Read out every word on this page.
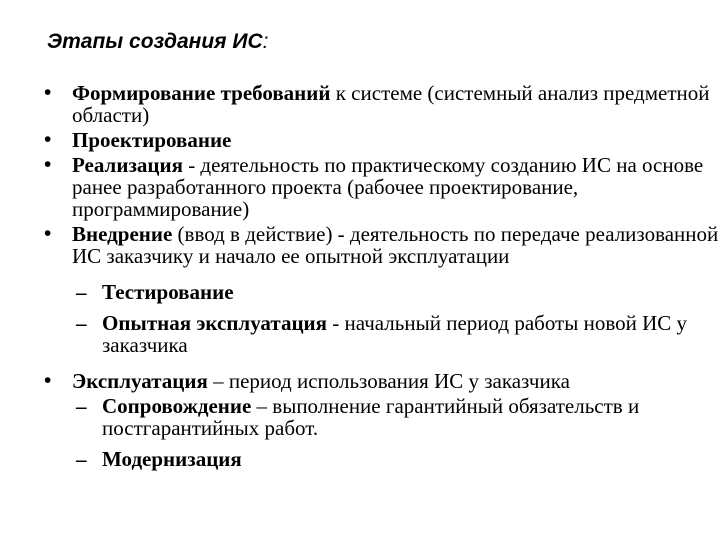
Этапы создания ИС:
• Формирование требований к системе (системный анализ предметной области)
• Проектирование
• Реализация - деятельность по практическому созданию ИС на основе ранее разработанного проекта (рабочее проектирование, программирование)
• Внедрение (ввод в действие) - деятельность по передаче реализованной ИС заказчику и начало ее опытной эксплуатации
– Тестирование
– Опытная эксплуатация - начальный период работы новой ИС у заказчика
• Эксплуатация – период использования ИС у заказчика
– Сопровождение – выполнение гарантийный обязательств и постгарантийных работ.
– Модернизация
